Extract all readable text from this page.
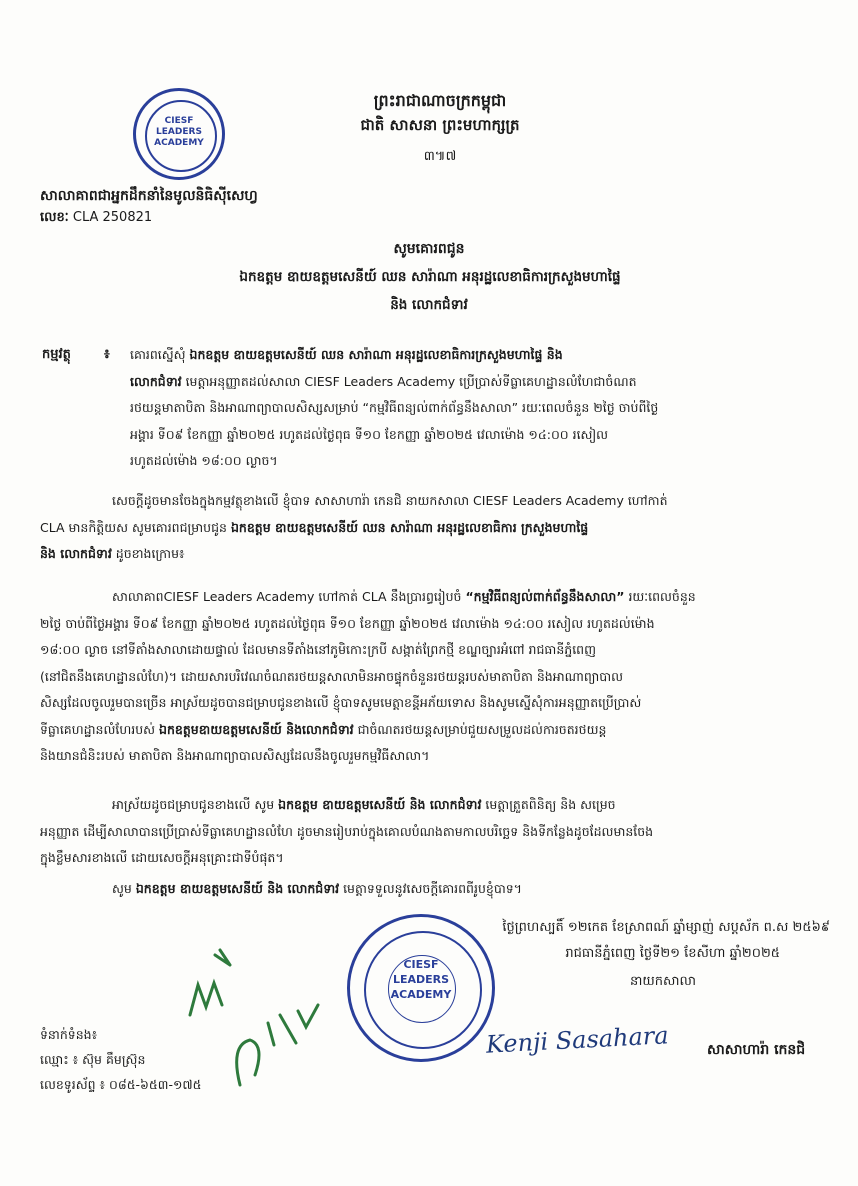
CIESF
LEADERS
ACADEMY
ព្រះរាជាណាចក្រកម្ពុជា
ជាតិ សាសនា ព្រះមហាក្សត្រ
៣៕៧
សាលាគាពជាអ្នកដឹកនាំនៃមូលនិធិស៊ីសេហ្វ
លេខៈ CLA 250821
សូមគោរពជូន
ឯកឧត្តម ឧាយឧត្តមសេនីយ៍ ឈន សារ៉ាណា អនុរដ្ឋលេខាធិការក្រសួងមហាផ្ទៃ
និង លោកជំទាវ
កម្មវត្ថុ	៖ គោរពស្នើសុំ ឯកឧត្តម ឧាយឧត្តមសេនីយ៍ ឈន សារ៉ាណា អនុរដ្ឋលេខាធិការក្រសួងមហាផ្ទៃ និង
លោកជំទាវ មេត្តាអនុញ្ញាតដល់សាលា CIESF Leaders Academy ប្រើប្រាស់ទីធ្លាគេហដ្ឋានលំហែជាចំណត
រថយន្តមាតាបិតា និងអាណាព្យាបាលសិស្សសម្រាប់ “កម្មវិធីពន្យល់ពាក់ព័ន្ធនឹងសាលា” រយៈពេលចំនួន ២ថ្ងៃ ចាប់ពីថ្ងៃ
អង្គារ ទី០៩ ខែកញ្ញា ឆ្នាំ២០២៥ រហូតដល់ថ្ងៃពុធ ទី១០ ខែកញ្ញា ឆ្នាំ២០២៥ វេលាម៉ោង ១៤:០០ រសៀល
រហូតដល់ម៉ោង ១៨:០០ ល្ងាច។
សេចក្តីដូចមានចែងក្នុងកម្មវត្ថុខាងលើ ខ្ញុំបាទ សាសាហារ៉ា កេនជិ នាយកសាលា CIESF Leaders Academy ហៅកាត់
CLA មានកិត្តិយស សូមគោរពជម្រាបជូន ឯកឧត្តម ឧាយឧត្តមសេនីយ៍ ឈន សារ៉ាណា អនុរដ្ឋលេខាធិការ ក្រសួងមហាផ្ទៃ
និង លោកជំទាវ ដូចខាងក្រោម៖
សាលាគាពCIESF Leaders Academy ហៅកាត់ CLA នឹងប្រារព្ធរៀបចំ “កម្មវិធីពន្យល់ពាក់ព័ន្ធនឹងសាលា” រយៈពេលចំនួន
២ថ្ងៃ ចាប់ពីថ្ងៃអង្គារ ទី០៩ ខែកញ្ញា ឆ្នាំ២០២៥ រហូតដល់ថ្ងៃពុធ ទី១០ ខែកញ្ញា ឆ្នាំ២០២៥ វេលាម៉ោង ១៤:០០ រសៀល រហូតដល់ម៉ោង
១៨:០០ ល្ងាច នៅទីតាំងសាលាដោយផ្ទាល់ ដែលមានទីតាំងនៅភូមិកោះក្របី សង្កាត់ព្រែកថ្មី ខណ្ឌច្បារអំពៅ រាជធានីភ្នំពេញ
(នៅជិតនឹងគេហដ្ឋានលំហែ)។ ដោយសារបរិវេណចំណតរថយន្តសាលាមិនអាចផ្ទុកចំនួនរថយន្តរបស់មាតាបិតា និងអាណាព្យាបាល
សិស្សដែលចូលរួមបានច្រើន អាស្រ័យដូចបានជម្រាបជូនខាងលើ ខ្ញុំបាទសូមមេត្តាខន្តីអភ័យទោស និងសូមស្នើសុំការអនុញ្ញាតប្រើប្រាស់
ទីធ្លាគេហដ្ឋានលំហែរបស់ ឯកឧត្តមឧាយឧត្តមសេនីយ៍ និងលោកជំទាវ ជាចំណតរថយន្តសម្រាប់ជួយសម្រួលដល់ការចតរថយន្ត
និងយានជំនិះរបស់ មាតាបិតា និងអាណាព្យាបាលសិស្សដែលនឹងចូលរួមកម្មវិធីសាលា។
អាស្រ័យដូចជម្រាបជូនខាងលើ សូម ឯកឧត្តម ឧាយឧត្តមសេនីយ៍ និង លោកជំទាវ មេត្តាត្រួតពិនិត្យ និង សម្រេច
អនុញ្ញាត ដើម្បីសាលាបានប្រើប្រាស់ទីធ្លាគេហដ្ឋានលំហែ ដូចមានរៀបរាប់ក្នុងគោលបំណងតាមកាលបរិច្ឆេទ និងទីកន្លែងដូចដែលមានចែង
ក្នុងខ្លឹមសារខាងលើ ដោយសេចក្តីអនុគ្រោះជាទីបំផុត។
សូម ឯកឧត្តម ឧាយឧត្តមសេនីយ៍ និង លោកជំទាវ មេត្តាទទួលនូវសេចក្តីគោរពពីរូបខ្ញុំបាទ។
ថ្ងៃព្រហស្បតិ៍ ១២កេត ខែស្រាពណ៍ ឆ្នាំម្សាញ់ សប្តស័ក ព.ស ២៥៦៩
រាជធានីភ្នំពេញ ថ្ងៃទី២១ ខែសីហា ឆ្នាំ២០២៥
នាយកសាលា
CIESF
LEADERS
ACADEMY
Kenji Sasahara	សាសាហារ៉ា កេនជិ
ទំនាក់ទំនង៖
ឈ្មោះ ៖ ស៊ុម គឹមស្រ៊ុន
លេខទូរស័ព្ទ ៖ ០៨៥-៦៥៣-១៧៥
